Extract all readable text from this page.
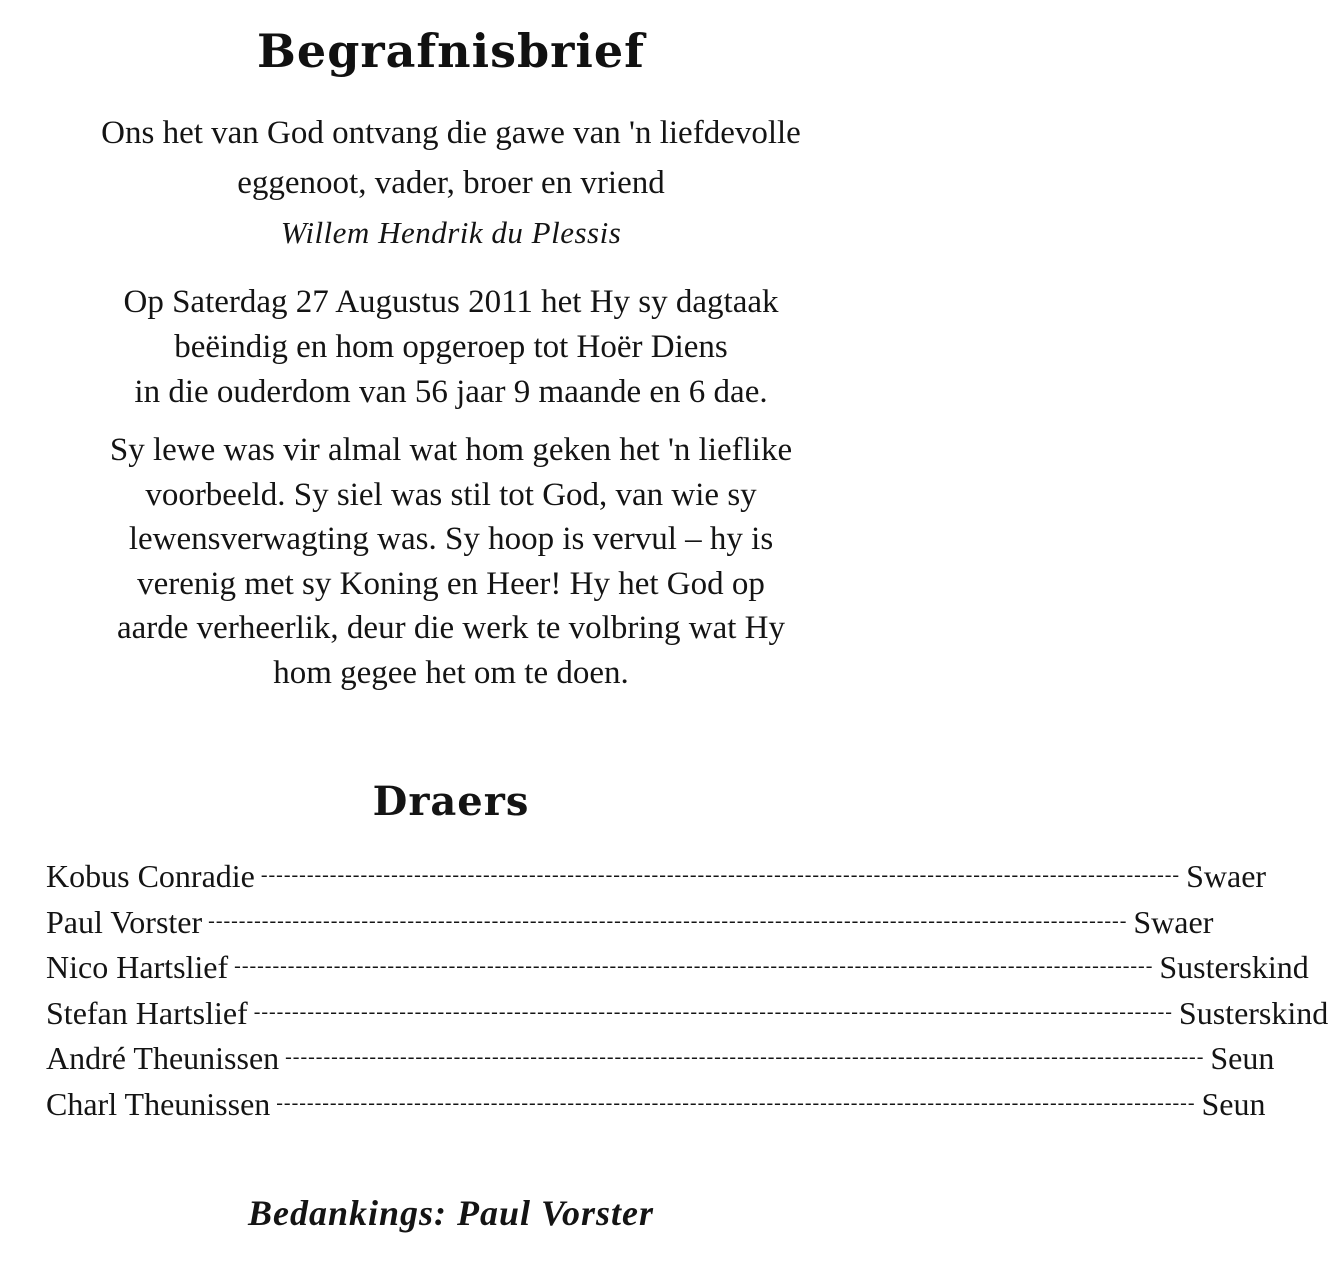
Begrafnisbrief
Ons het van God ontvang die gawe van 'n liefdevolle
eggenoot, vader, broer en vriend
Willem Hendrik du Plessis
Op Saterdag 27 Augustus 2011 het Hy sy dagtaak
beëindig en hom opgeroep tot Hoër Diens
in die ouderdom van 56 jaar 9 maande en 6 dae.
Sy lewe was vir almal wat hom geken het 'n lieflike
voorbeeld. Sy siel was stil tot God, van wie sy
lewensverwagting was. Sy hoop is vervul – hy is
verenig met sy Koning en Heer! Hy het God op
aarde verheerlik, deur die werk te volbring wat Hy
hom gegee het om te doen.
Draers
Kobus Conradie ------------------------------------------------------------------------------------------------------------------------ Swaer
Paul Vorster ------------------------------------------------------------------------------------------------------------------------ Swaer
Nico Hartslief ------------------------------------------------------------------------------------------------------------------------ Susterskind
Stefan Hartslief ------------------------------------------------------------------------------------------------------------------------ Susterskind
André Theunissen ------------------------------------------------------------------------------------------------------------------------ Seun
Charl Theunissen ------------------------------------------------------------------------------------------------------------------------ Seun
Bedankings: Paul Vorster
